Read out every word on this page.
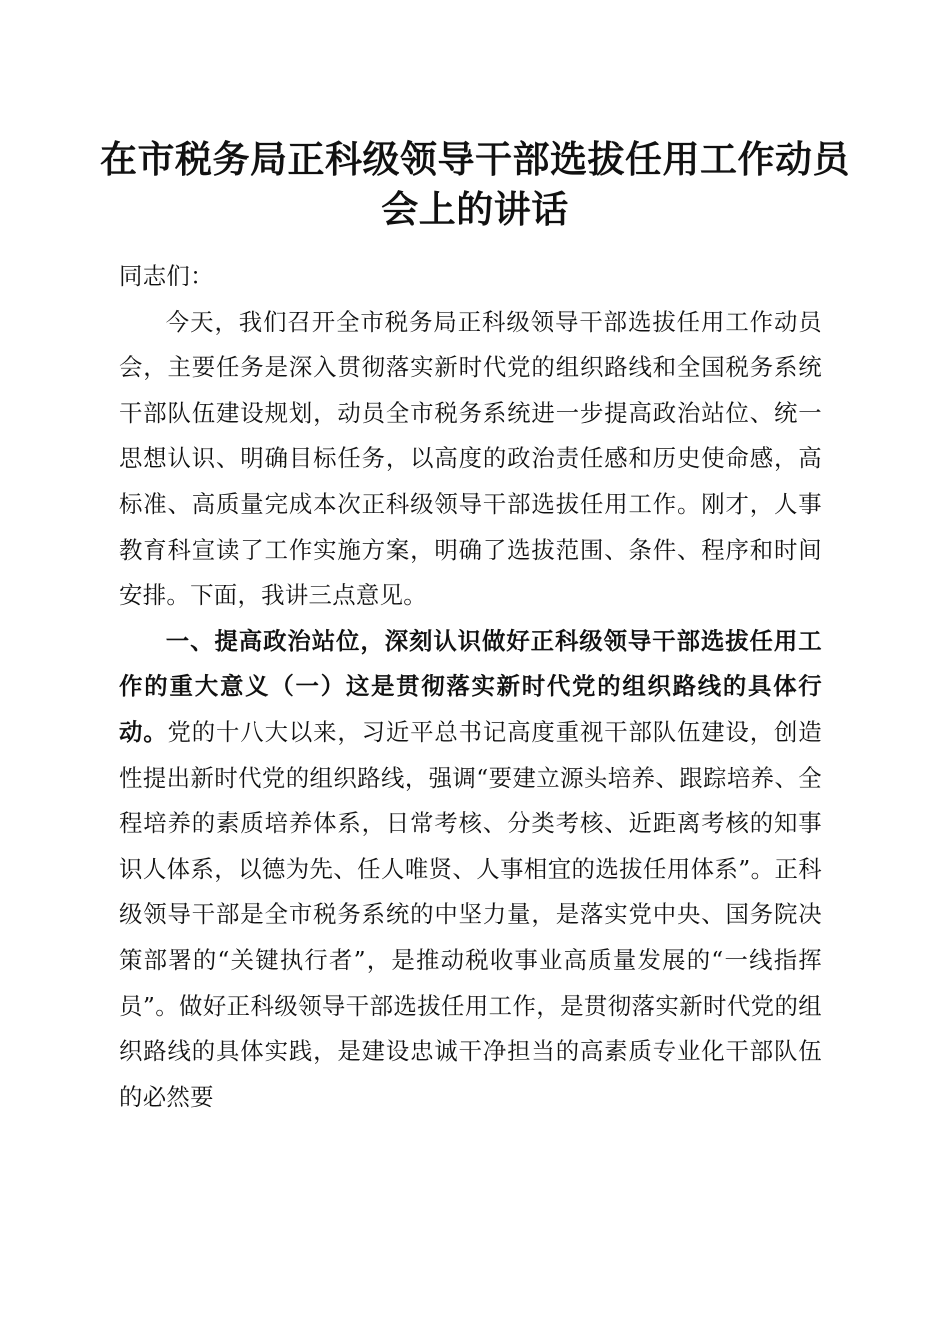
在市税务局正科级领导干部选拔任用工作动员会上的讲话

同志们：

今天，我们召开全市税务局正科级领导干部选拔任用工作动员会，主要任务是深入贯彻落实新时代党的组织路线和全国税务系统干部队伍建设规划，动员全市税务系统进一步提高政治站位、统一思想认识、明确目标任务，以高度的政治责任感和历史使命感，高标准、高质量完成本次正科级领导干部选拔任用工作。刚才，人事教育科宣读了工作实施方案，明确了选拔范围、条件、程序和时间安排。下面，我讲三点意见。

一、提高政治站位，深刻认识做好正科级领导干部选拔任用工作的重大意义（一）这是贯彻落实新时代党的组织路线的具体行动。党的十八大以来，习近平总书记高度重视干部队伍建设，创造性提出新时代党的组织路线，强调“要建立源头培养、跟踪培养、全程培养的素质培养体系，日常考核、分类考核、近距离考核的知事识人体系，以德为先、任人唯贤、人事相宜的选拔任用体系”。正科级领导干部是全市税务系统的中坚力量，是落实党中央、国务院决策部署的“关键执行者”，是推动税收事业高质量发展的“一线指挥员”。做好正科级领导干部选拔任用工作，是贯彻落实新时代党的组织路线的具体实践，是建设忠诚干净担当的高素质专业化干部队伍的必然要
